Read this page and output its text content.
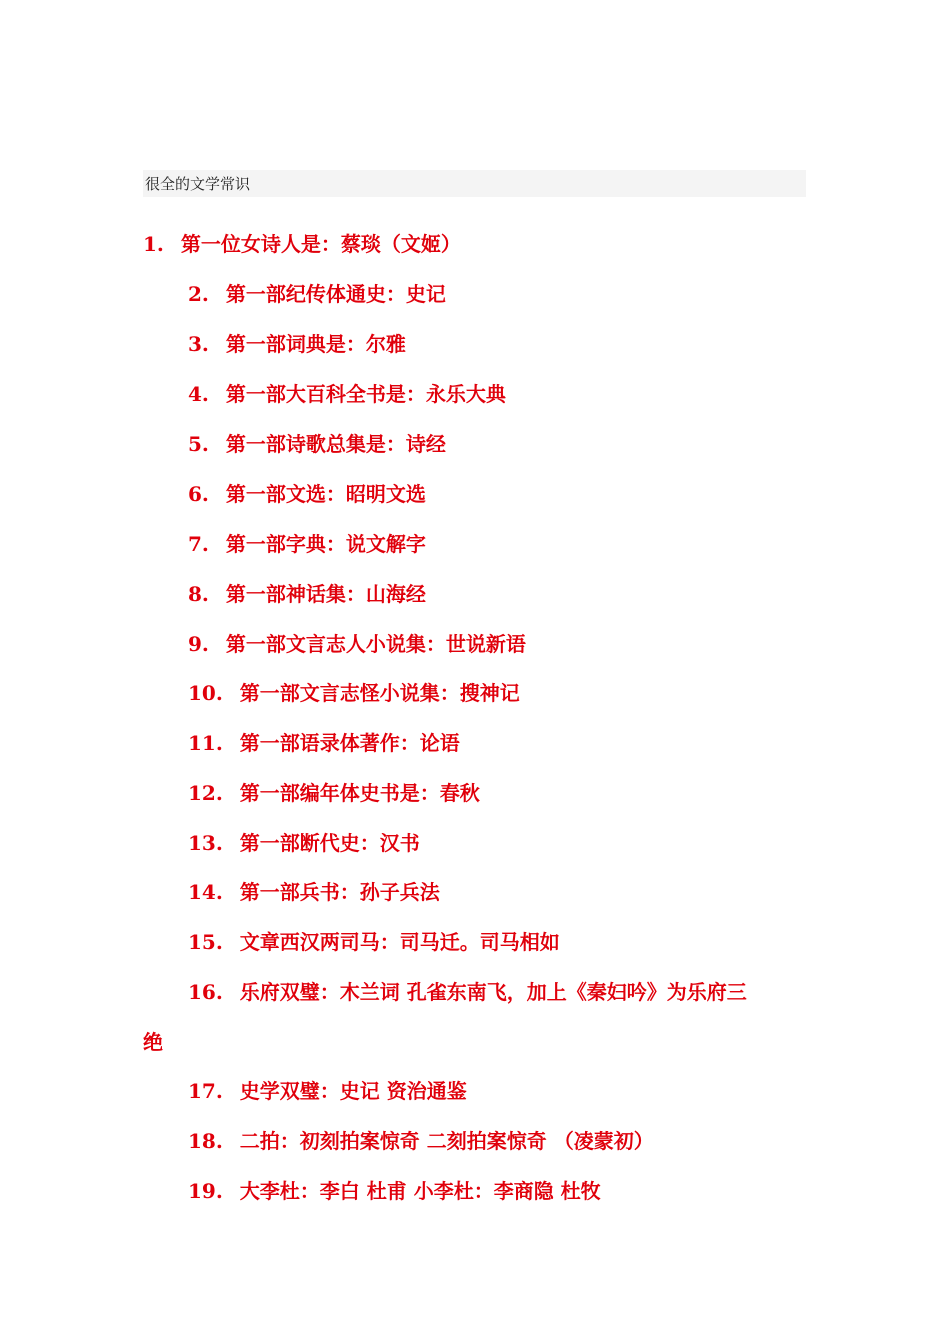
很全的文学常识
1. 第一位女诗人是：蔡琰（文姬）
2. 第一部纪传体通史：史记
3. 第一部词典是：尔雅
4. 第一部大百科全书是：永乐大典
5. 第一部诗歌总集是：诗经
6. 第一部文选：昭明文选
7. 第一部字典：说文解字
8. 第一部神话集：山海经
9. 第一部文言志人小说集：世说新语
10. 第一部文言志怪小说集：搜神记
11. 第一部语录体著作：论语
12. 第一部编年体史书是：春秋
13. 第一部断代史：汉书
14. 第一部兵书：孙子兵法
15. 文章西汉两司马：司马迁。司马相如
16. 乐府双璧：木兰词 孔雀东南飞，加上《秦妇吟》为乐府三
绝
17. 史学双璧：史记 资治通鉴
18. 二拍：初刻拍案惊奇 二刻拍案惊奇 （凌蒙初）
19. 大李杜：李白 杜甫 小李杜：李商隐 杜牧
